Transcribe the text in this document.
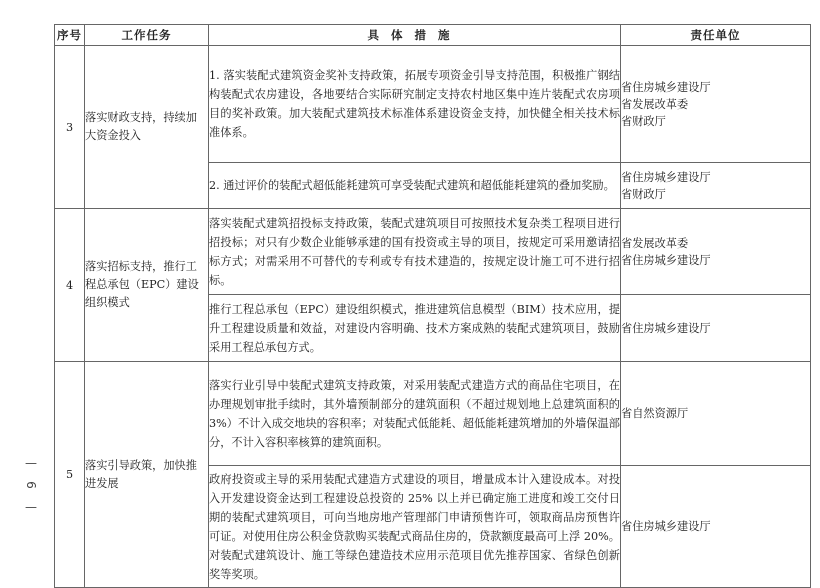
序号	工作任务	具体措施	责任单位
3	落实财政支持，持续加大资金投入	1. 落实装配式建筑资金奖补支持政策，拓展专项资金引导支持范围，积极推广钢结构装配式农房建设，各地要结合实际研究制定支持农村地区集中连片装配式农房项目的奖补政策。加大装配式建筑技术标准体系建设资金支持，加快健全相关技术标准体系。	省住房城乡建设厅
省发展改革委
省财政厅

		2. 通过评价的装配式超低能耗建筑可享受装配式建筑和超低能耗建筑的叠加奖励。	省住房城乡建设厅
省财政厅

4	落实招标支持，推行工程总承包（EPC）建设组织模式	落实装配式建筑招投标支持政策，装配式建筑项目可按照技术复杂类工程项目进行招投标；对只有少数企业能够承建的国有投资或主导的项目，按规定可采用邀请招标方式；对需采用不可替代的专利或专有技术建造的，按规定设计施工可不进行招标。	省发展改革委
省住房城乡建设厅

		推行工程总承包（EPC）建设组织模式，推进建筑信息模型（BIM）技术应用，提升工程建设质量和效益，对建设内容明确、技术方案成熟的装配式建筑项目，鼓励采用工程总承包方式。	省住房城乡建设厅

5	落实引导政策，加快推进发展	落实行业引导中装配式建筑支持政策，对采用装配式建造方式的商品住宅项目，在办理规划审批手续时，其外墙预制部分的建筑面积（不超过规划地上总建筑面积的 3%）不计入成交地块的容积率；对装配式低能耗、超低能耗建筑增加的外墙保温部分，不计入容积率核算的建筑面积。	省自然资源厅

		政府投资或主导的采用装配式建造方式建设的项目，增量成本计入建设成本。对投入开发建设资金达到工程建设总投资的 25% 以上并已确定施工进度和竣工交付日期的装配式建筑项目，可向当地房地产管理部门申请预售许可，领取商品房预售许可证。对使用住房公积金贷款购买装配式商品住房的，贷款额度最高可上浮 20%。对装配式建筑设计、施工等绿色建造技术应用示范项目优先推荐国家、省绿色创新奖等奖项。	省住房城乡建设厅
—
6
—
